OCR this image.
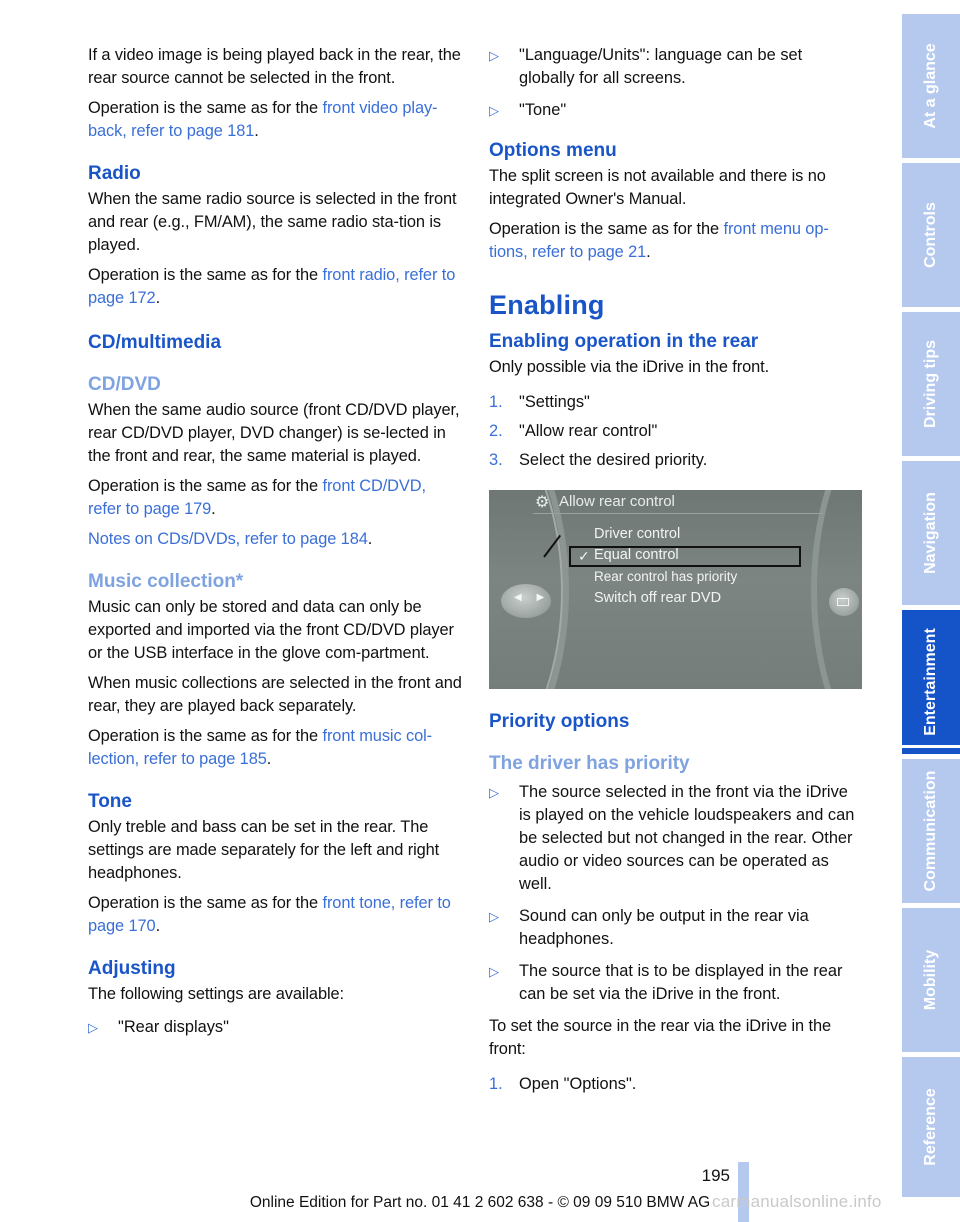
If a video image is being played back in the rear, the rear source cannot be selected in the front.

Operation is the same as for the front video play-back, refer to page 181.

Radio

When the same radio source is selected in the front and rear (e.g., FM/AM), the same radio sta-tion is played.

Operation is the same as for the front radio, refer to page 172.

CD/multimedia
CD/DVD

When the same audio source (front CD/DVD player, rear CD/DVD player, DVD changer) is se-lected in the front and rear, the same material is played.

Operation is the same as for the front CD/DVD, refer to page 179.

Notes on CDs/DVDs, refer to page 184.

Music collection*

Music can only be stored and data can only be exported and imported via the front CD/DVD player or the USB interface in the glove com-partment.

When music collections are selected in the front and rear, they are played back separately.

Operation is the same as for the front music col-lection, refer to page 185.

Tone

Only treble and bass can be set in the rear. The settings are made separately for the left and right headphones.

Operation is the same as for the front tone, refer to page 170.

Adjusting

The following settings are available:

▷ "Rear displays"
▷ "Language/Units": language can be set globally for all screens.
▷ "Tone"
Options menu

The split screen is not available and there is no integrated Owner's Manual.

Operation is the same as for the front menu op-tions, refer to page 21.

Enabling
Enabling operation in the rear

Only possible via the iDrive in the front.

1. "Settings"
2. "Allow rear control"
3. Select the desired priority.
⚙ Allow rear control
Driver control
✓ Equal control
Rear control has priority
Switch off rear DVD
◀ ▶
Priority options
The driver has priority
▷ The source selected in the front via the iDrive is played on the vehicle loudspeakers and can be selected but not changed in the rear. Other audio or video sources can be operated as well.
▷ Sound can only be output in the rear via headphones.
▷ The source that is to be displayed in the rear can be set via the iDrive in the front.

To set the source in the rear via the iDrive in the front:

1. Open "Options".
At a glance
Controls
Driving tips
Navigation
Entertainment
Communication
Mobility
Reference
195
Online Edition for Part no. 01 41 2 602 638 - © 09 09 510 BMW AG carmanualsonline.info
